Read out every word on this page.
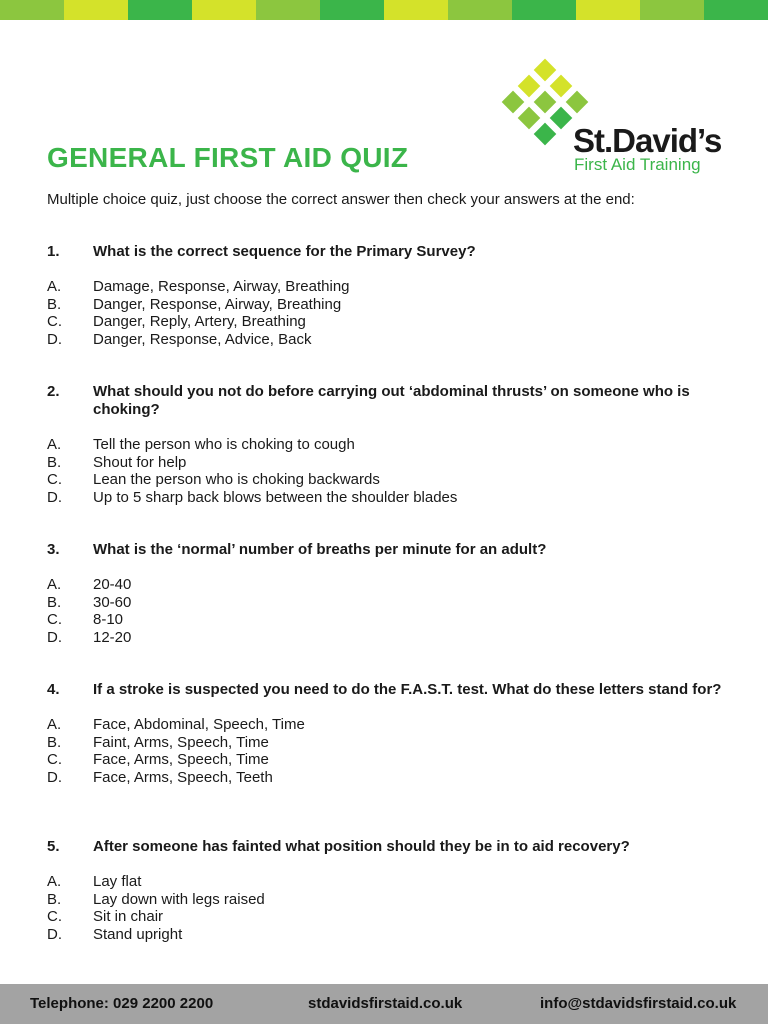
St.David’s
First Aid Training
GENERAL FIRST AID QUIZ
Multiple choice quiz, just choose the correct answer then check your answers at the end:
1.	What is the correct sequence for the Primary Survey?
A.	Damage, Response, Airway, Breathing
B.	Danger, Response, Airway, Breathing
C.	Danger, Reply, Artery, Breathing
D.	Danger, Response, Advice, Back
2.	What should you not do before carrying out ‘abdominal thrusts’ on someone who is choking?
A.	Tell the person who is choking to cough
B.	Shout for help
C.	Lean the person who is choking backwards
D.	Up to 5 sharp back blows between the shoulder blades
3.	What is the ‘normal’ number of breaths per minute for an adult?
A.	20-40
B.	30-60
C.	8-10
D.	12-20
4.	If a stroke is suspected you need to do the F.A.S.T. test. What do these letters stand for?
A.	Face, Abdominal, Speech, Time
B.	Faint, Arms, Speech, Time
C.	Face, Arms, Speech, Time
D.	Face, Arms, Speech, Teeth
5.	After someone has fainted what position should they be in to aid recovery?
A.	Lay flat
B.	Lay down with legs raised
C.	Sit in chair
D.	Stand upright
Telephone: 029 2200 2200	stdavidsfirstaid.co.uk	info@stdavidsfirstaid.co.uk
